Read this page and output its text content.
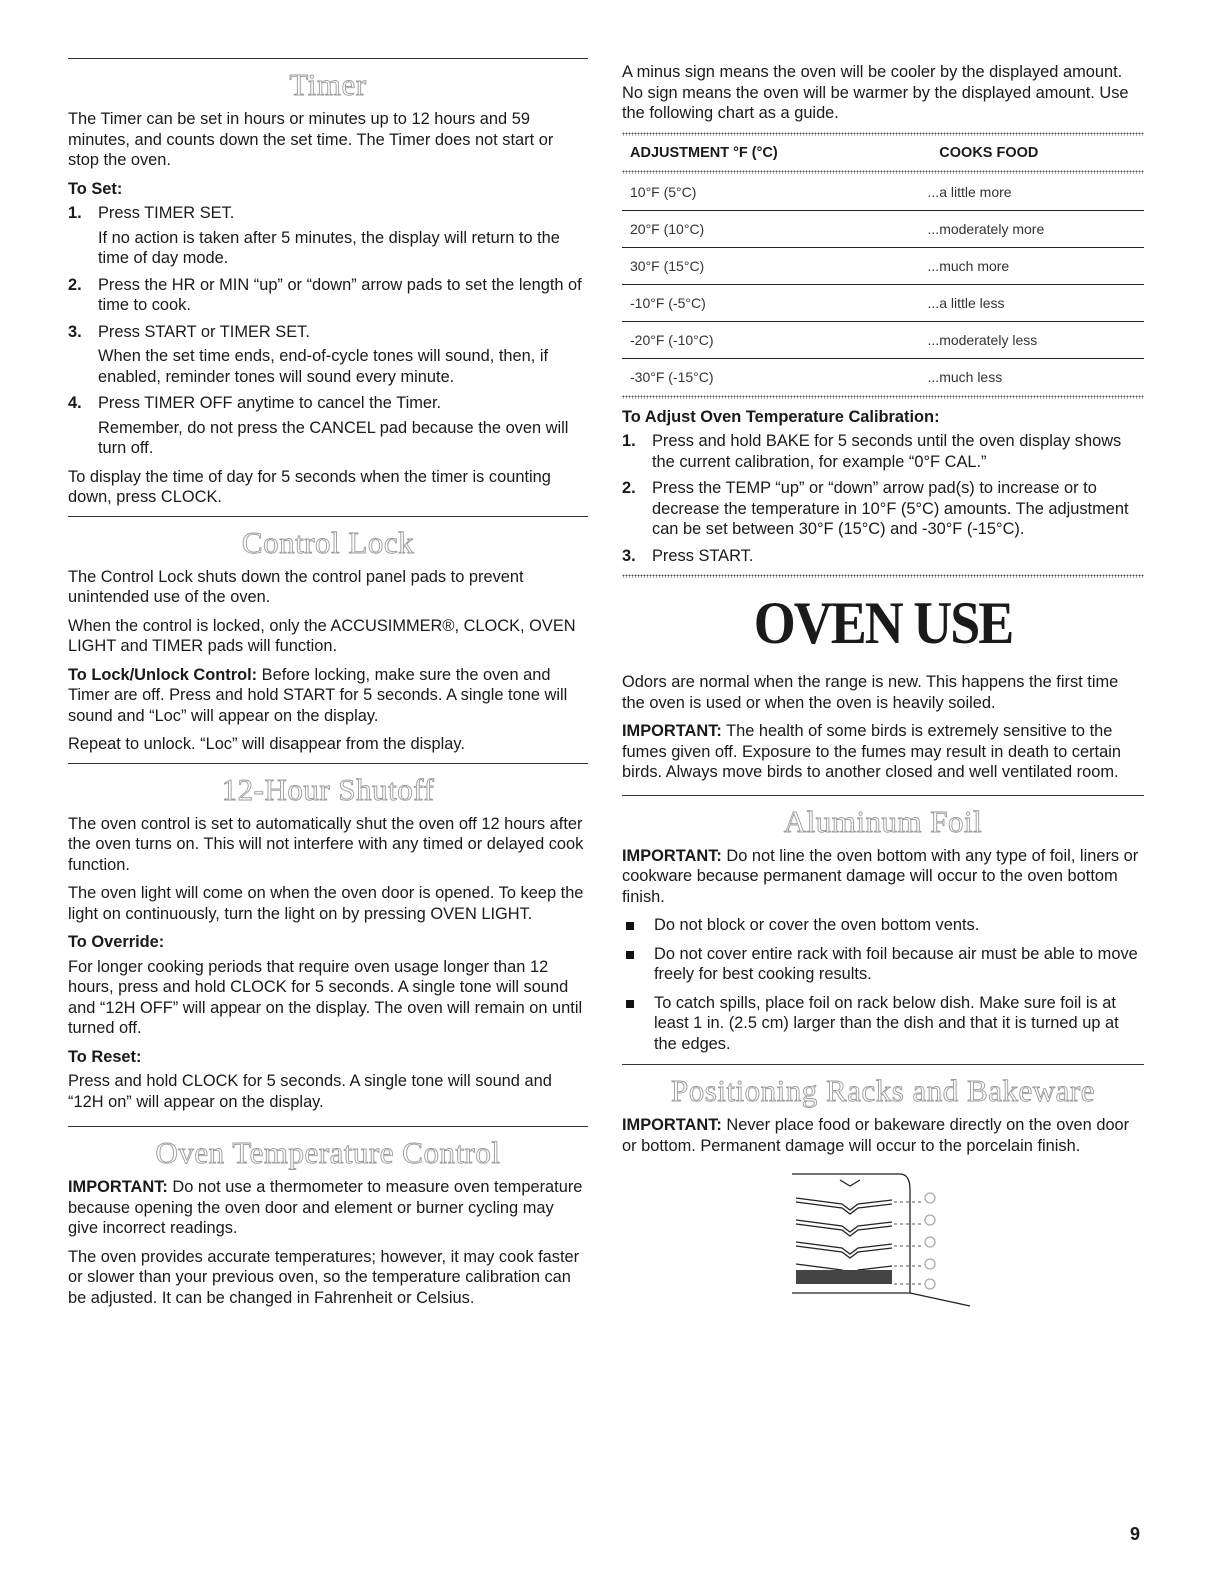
Timer

The Timer can be set in hours or minutes up to 12 hours and 59 minutes, and counts down the set time. The Timer does not start or stop the oven.

To Set:

1. Press TIMER SET.

If no action is taken after 5 minutes, the display will return to the time of day mode.

2. Press the HR or MIN “up” or “down” arrow pads to set the length of time to cook.

3. Press START or TIMER SET.

When the set time ends, end-of-cycle tones will sound, then, if enabled, reminder tones will sound every minute.

4. Press TIMER OFF anytime to cancel the Timer.

Remember, do not press the CANCEL pad because the oven will turn off.

To display the time of day for 5 seconds when the timer is counting down, press CLOCK.

Control Lock

The Control Lock shuts down the control panel pads to prevent unintended use of the oven.

When the control is locked, only the ACCUSIMMER®, CLOCK, OVEN LIGHT and TIMER pads will function.

To Lock/Unlock Control: Before locking, make sure the oven and Timer are off. Press and hold START for 5 seconds. A single tone will sound and “Loc” will appear on the display.

Repeat to unlock. “Loc” will disappear from the display.

12-Hour Shutoff

The oven control is set to automatically shut the oven off 12 hours after the oven turns on. This will not interfere with any timed or delayed cook function.

The oven light will come on when the oven door is opened. To keep the light on continuously, turn the light on by pressing OVEN LIGHT.

To Override:

For longer cooking periods that require oven usage longer than 12 hours, press and hold CLOCK for 5 seconds. A single tone will sound and “12H OFF” will appear on the display. The oven will remain on until turned off.

To Reset:

Press and hold CLOCK for 5 seconds. A single tone will sound and “12H on” will appear on the display.

Oven Temperature Control

IMPORTANT: Do not use a thermometer to measure oven temperature because opening the oven door and element or burner cycling may give incorrect readings.

The oven provides accurate temperatures; however, it may cook faster or slower than your previous oven, so the temperature calibration can be adjusted. It can be changed in Fahrenheit or Celsius.

A minus sign means the oven will be cooler by the displayed amount. No sign means the oven will be warmer by the displayed amount. Use the following chart as a guide.

ADJUSTMENT °F (°C)	COOKS FOOD
10°F (5°C)	...a little more
20°F (10°C)	...moderately more
30°F (15°C)	...much more
-10°F (-5°C)	...a little less
-20°F (-10°C)	...moderately less
-30°F (-15°C)	...much less

To Adjust Oven Temperature Calibration:

1. Press and hold BAKE for 5 seconds until the oven display shows the current calibration, for example “0°F CAL.”

2. Press the TEMP “up” or “down” arrow pad(s) to increase or to decrease the temperature in 10°F (5°C) amounts. The adjustment can be set between 30°F (15°C) and -30°F (-15°C).

3. Press START.

OVEN USE

Odors are normal when the range is new. This happens the first time the oven is used or when the oven is heavily soiled.

IMPORTANT: The health of some birds is extremely sensitive to the fumes given off. Exposure to the fumes may result in death to certain birds. Always move birds to another closed and well ventilated room.

Aluminum Foil

IMPORTANT: Do not line the oven bottom with any type of foil, liners or cookware because permanent damage will occur to the oven bottom finish.

Do not block or cover the oven bottom vents.

Do not cover entire rack with foil because air must be able to move freely for best cooking results.

To catch spills, place foil on rack below dish. Make sure foil is at least 1 in. (2.5 cm) larger than the dish and that it is turned up at the edges.

Positioning Racks and Bakeware

IMPORTANT: Never place food or bakeware directly on the oven door or bottom. Permanent damage will occur to the porcelain finish.

9
